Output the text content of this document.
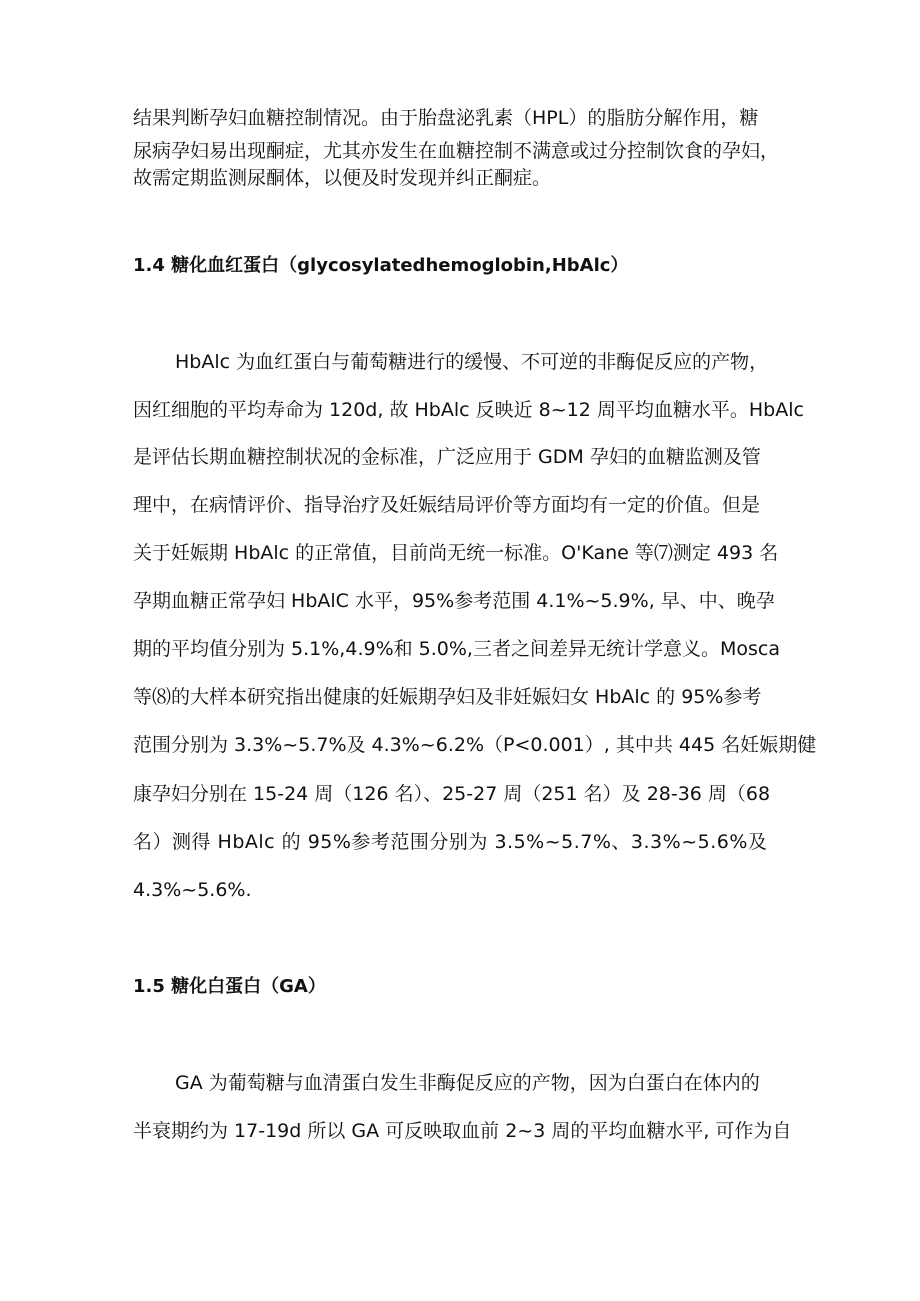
结果判断孕妇血糖控制情况。由于胎盘泌乳素（HPL）的脂肪分解作用，糖

尿病孕妇易出现酮症，尤其亦发生在血糖控制不满意或过分控制饮食的孕妇，

故需定期监测尿酮体，以便及时发现并纠正酮症。

1.4 糖化血红蛋白（glycosylatedhemoglobin,HbAlc）

HbAlc 为血红蛋白与葡萄糖进行的缓慢、不可逆的非酶促反应的产物，

因红细胞的平均寿命为 120d, 故 HbAlc 反映近 8~12 周平均血糖水平。HbAlc

是评估长期血糖控制状况的金标准，广泛应用于 GDM 孕妇的血糖监测及管

理中，在病情评价、指导治疗及妊娠结局评价等方面均有一定的价值。但是

关于妊娠期 HbAlc 的正常值，目前尚无统一标准。O'Kane 等⑺测定 493 名

孕期血糖正常孕妇 HbAlC 水平，95%参考范围 4.1%~5.9%, 早、中、晚孕

期的平均值分别为 5.1%,4.9%和 5.0%,三者之间差异无统计学意义。Mosca

等⑻的大样本研究指出健康的妊娠期孕妇及非妊娠妇女 HbAlc 的 95%参考

范围分别为 3.3%~5.7%及 4.3%~6.2%（P<0.001）, 其中共 445 名妊娠期健

康孕妇分别在 15-24 周（126 名）、25-27 周（251 名）及 28-36 周（68

名）测得 HbAlc 的 95%参考范围分别为 3.5%~5.7%、3.3%~5.6%及

4.3%~5.6%.

1.5 糖化白蛋白（GA）

GA 为葡萄糖与血清蛋白发生非酶促反应的产物，因为白蛋白在体内的

半衰期约为 17-19d 所以 GA 可反映取血前 2~3 周的平均血糖水平, 可作为自
